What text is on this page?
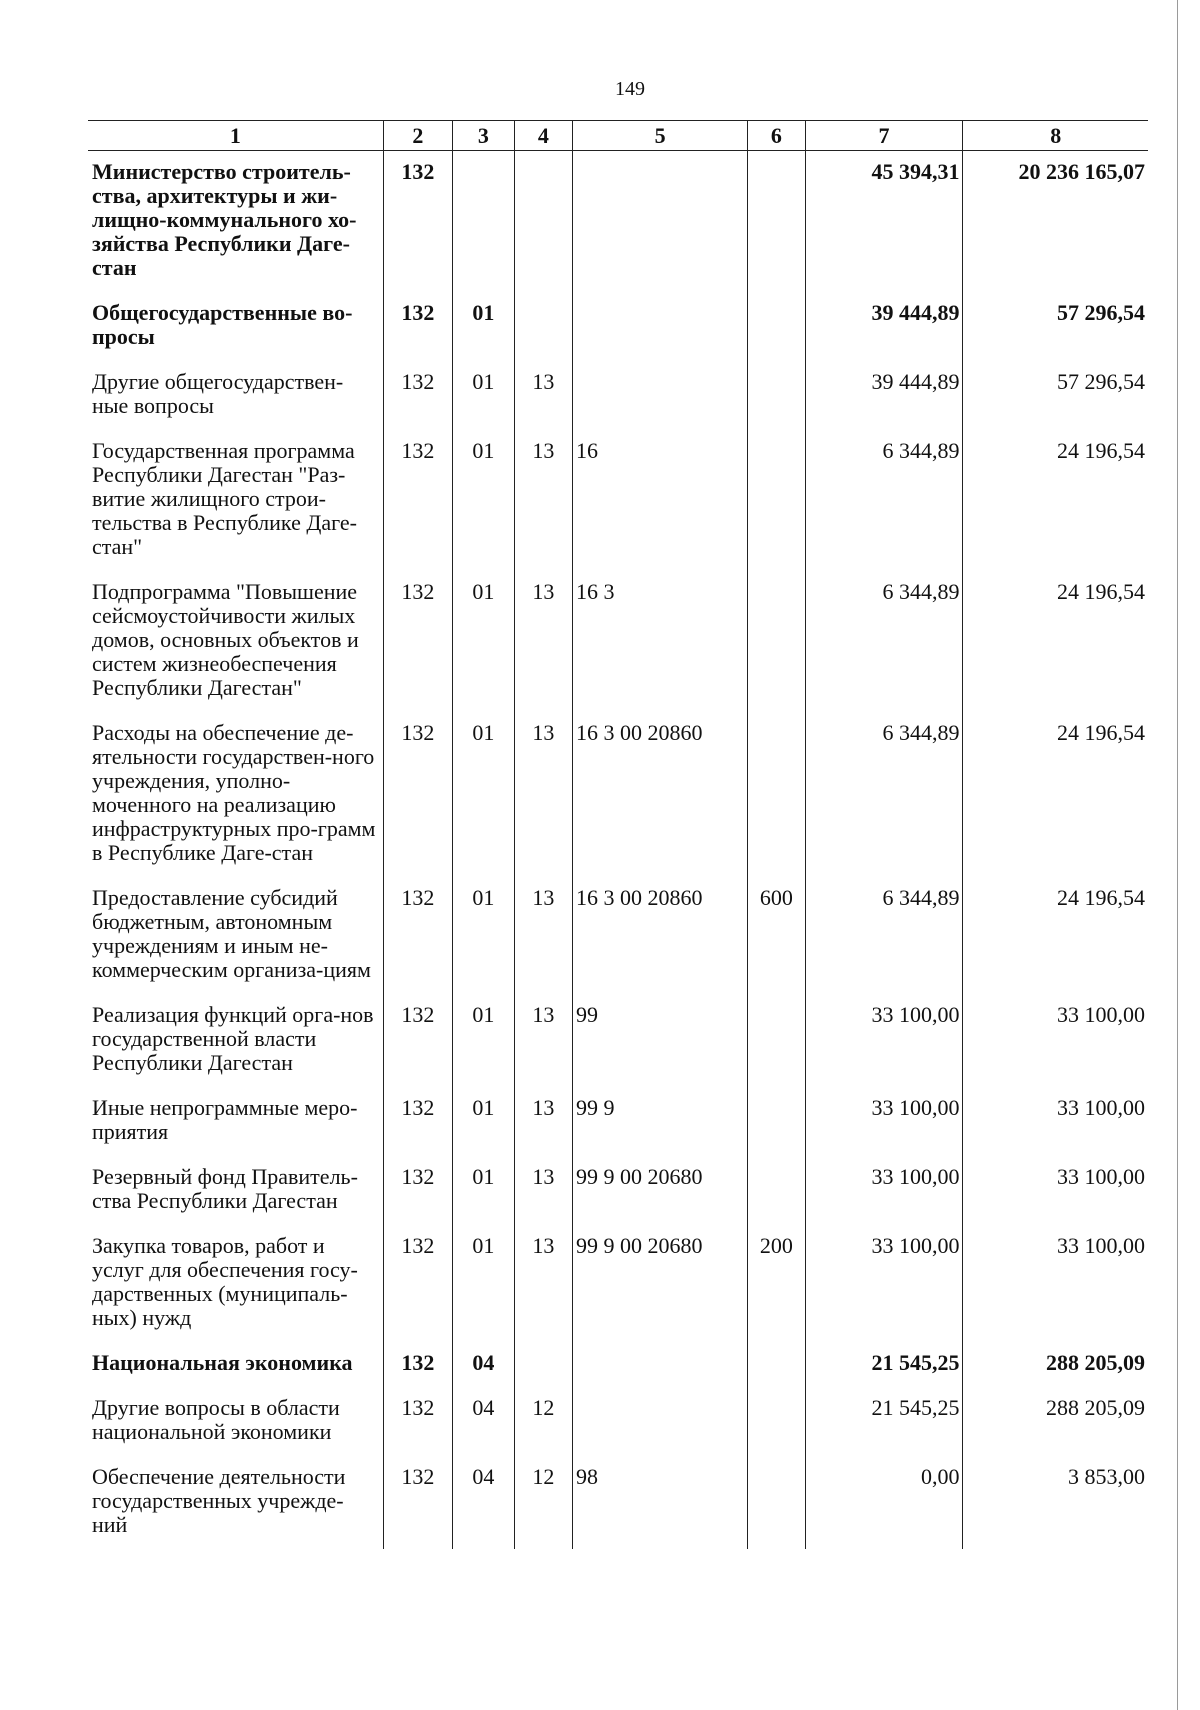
149
1	2	3	4	5	6	7	8
Министерство строитель-ства, архитектуры и жи-лищно-коммунального хо-зяйства Республики Даге-стан	132					45 394,31	20 236 165,07
Общегосударственные во-просы	132	01				39 444,89	57 296,54
Другие общегосударствен-ные вопросы	132	01	13			39 444,89	57 296,54
Государственная программа Республики Дагестан "Раз-витие жилищного строи-тельства в Республике Даге-стан"	132	01	13	16		6 344,89	24 196,54
Подпрограмма "Повышение сейсмоустойчивости жилых домов, основных объектов и систем жизнеобеспечения Республики Дагестан"	132	01	13	16 3		6 344,89	24 196,54
Расходы на обеспечение де-ятельности государствен-ного учреждения, уполно-моченного на реализацию инфраструктурных про-грамм в Республике Даге-стан	132	01	13	16 3 00 20860		6 344,89	24 196,54
Предоставление субсидий бюджетным, автономным учреждениям и иным не-коммерческим организа-циям	132	01	13	16 3 00 20860	600	6 344,89	24 196,54
Реализация функций орга-нов государственной власти Республики Дагестан	132	01	13	99		33 100,00	33 100,00
Иные непрограммные меро-приятия	132	01	13	99 9		33 100,00	33 100,00
Резервный фонд Правитель-ства Республики Дагестан	132	01	13	99 9 00 20680		33 100,00	33 100,00
Закупка товаров, работ и услуг для обеспечения госу-дарственных (муниципаль-ных) нужд	132	01	13	99 9 00 20680	200	33 100,00	33 100,00
Национальная экономика	132	04				21 545,25	288 205,09
Другие вопросы в области национальной экономики	132	04	12			21 545,25	288 205,09
Обеспечение деятельности государственных учрежде-ний	132	04	12	98		0,00	3 853,00
